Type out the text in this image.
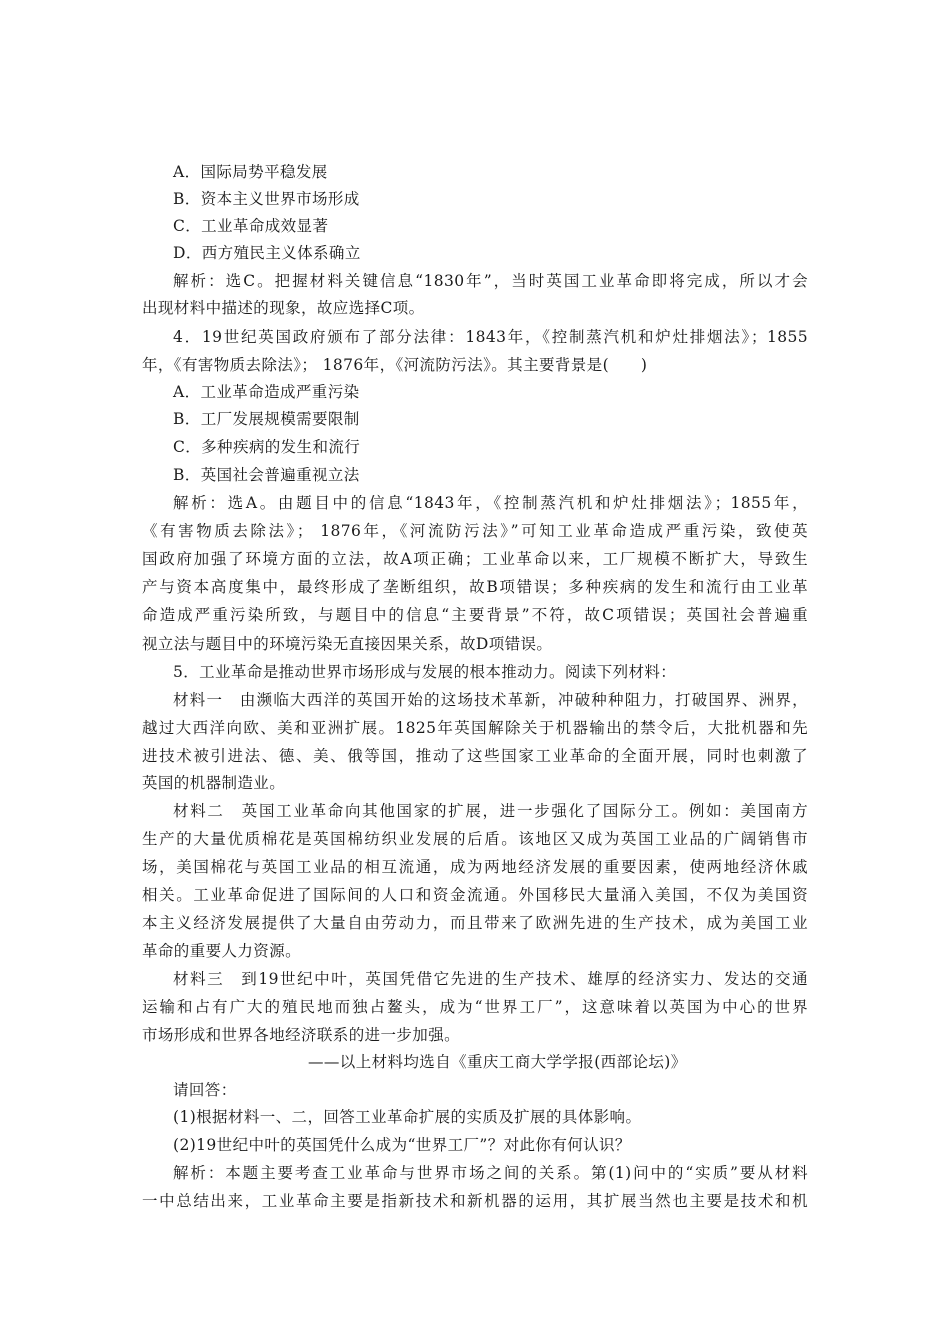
A．国际局势平稳发展
B．资本主义世界市场形成
C．工业革命成效显著
D．西方殖民主义体系确立
解析：选C。把握材料关键信息“1830年”，当时英国工业革命即将完成，所以才会
出现材料中描述的现象，故应选择C项。
4．19世纪英国政府颁布了部分法律：1843年，《控制蒸汽机和炉灶排烟法》；1855
年，《有害物质去除法》； 1876年，《河流防污法》。其主要背景是(　　)
A．工业革命造成严重污染
B．工厂发展规模需要限制
C．多种疾病的发生和流行
B．英国社会普遍重视立法
解析：选A。由题目中的信息“1843年，《控制蒸汽机和炉灶排烟法》；1855年，
《有害物质去除法》； 1876年，《河流防污法》”可知工业革命造成严重污染，致使英
国政府加强了环境方面的立法，故A项正确；工业革命以来，工厂规模不断扩大，导致生
产与资本高度集中，最终形成了垄断组织，故B项错误；多种疾病的发生和流行由工业革
命造成严重污染所致，与题目中的信息“主要背景”不符，故C项错误；英国社会普遍重
视立法与题目中的环境污染无直接因果关系，故D项错误。
5．工业革命是推动世界市场形成与发展的根本推动力。阅读下列材料：
材料一　由濒临大西洋的英国开始的这场技术革新，冲破种种阻力，打破国界、洲界，
越过大西洋向欧、美和亚洲扩展。1825年英国解除关于机器输出的禁令后，大批机器和先
进技术被引进法、德、美、俄等国，推动了这些国家工业革命的全面开展，同时也刺激了
英国的机器制造业。
材料二　英国工业革命向其他国家的扩展，进一步强化了国际分工。例如：美国南方
生产的大量优质棉花是英国棉纺织业发展的后盾。该地区又成为英国工业品的广阔销售市
场，美国棉花与英国工业品的相互流通，成为两地经济发展的重要因素，使两地经济休戚
相关。工业革命促进了国际间的人口和资金流通。外国移民大量涌入美国，不仅为美国资
本主义经济发展提供了大量自由劳动力，而且带来了欧洲先进的生产技术，成为美国工业
革命的重要人力资源。
材料三　到19世纪中叶，英国凭借它先进的生产技术、雄厚的经济实力、发达的交通
运输和占有广大的殖民地而独占鳌头，成为“世界工厂”，这意味着以英国为中心的世界
市场形成和世界各地经济联系的进一步加强。
——以上材料均选自《重庆工商大学学报(西部论坛)》
请回答：
(1)根据材料一、二，回答工业革命扩展的实质及扩展的具体影响。
(2)19世纪中叶的英国凭什么成为“世界工厂”？对此你有何认识？
解析：本题主要考查工业革命与世界市场之间的关系。第(1)问中的“实质”要从材料
一中总结出来，工业革命主要是指新技术和新机器的运用，其扩展当然也主要是技术和机
